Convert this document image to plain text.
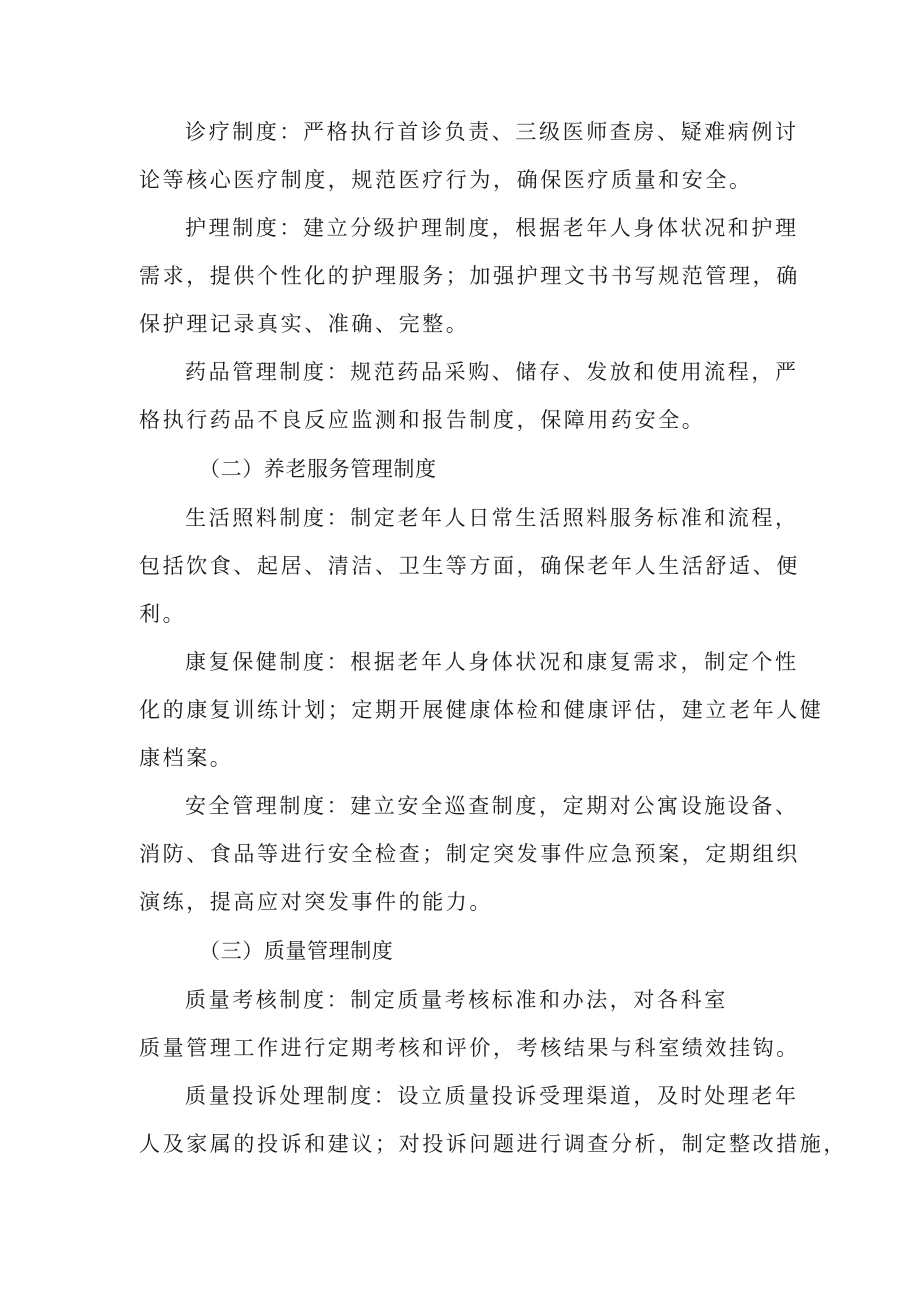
诊疗制度：严格执行首诊负责、三级医师查房、疑难病例讨
论等核心医疗制度，规范医疗行为，确保医疗质量和安全。

护理制度：建立分级护理制度，根据老年人身体状况和护理
需求，提供个性化的护理服务；加强护理文书书写规范管理，确
保护理记录真实、准确、完整。

药品管理制度：规范药品采购、储存、发放和使用流程，严
格执行药品不良反应监测和报告制度，保障用药安全。

（二）养老服务管理制度

生活照料制度：制定老年人日常生活照料服务标准和流程，
包括饮食、起居、清洁、卫生等方面，确保老年人生活舒适、便
利。

康复保健制度：根据老年人身体状况和康复需求，制定个性
化的康复训练计划；定期开展健康体检和健康评估，建立老年人健
康档案。

安全管理制度：建立安全巡查制度，定期对公寓设施设备、
消防、食品等进行安全检查；制定突发事件应急预案，定期组织
演练，提高应对突发事件的能力。

（三）质量管理制度

质量考核制度：制定质量考核标准和办法，对各科室
质量管理工作进行定期考核和评价，考核结果与科室绩效挂钩。

质量投诉处理制度：设立质量投诉受理渠道，及时处理老年
人及家属的投诉和建议；对投诉问题进行调查分析，制定整改措施，
